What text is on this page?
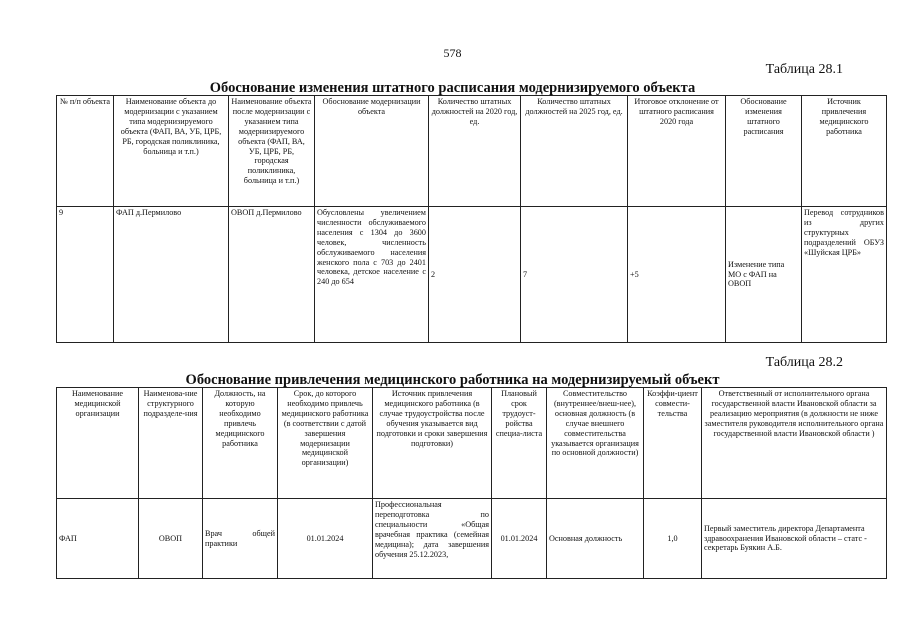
578
Таблица 28.1
Обоснование изменения штатного расписания модернизируемого объекта
№ п/п объекта	Наименование объекта до модернизации с указанием типа модернизируемого объекта (ФАП, ВА, УБ, ЦРБ, РБ, городская поликлиника, больница и т.п.)	Наименование объекта после модернизации с указанием типа модернизируемого объекта (ФАП, ВА, УБ, ЦРБ, РБ, городская поликлиника, больница и т.п.)	Обоснование модернизации объекта	Количество штатных должностей на 2020 год, ед.	Количество штатных должностей на 2025 год, ед.	Итоговое отклонение от штатного расписания 2020 года	Обоснование изменения штатного расписания	Источник привлечения медицинского работника
9	ФАП д.Пермилово	ОВОП д.Пермилово	Обусловлены увеличением численности обслуживаемого населения с 1304 до 3600 человек, численность обслуживаемого населения женского пола с 703 до 2401 человека, детское население с 240 до 654	2	7	+5	Изменение типа МО с ФАП на ОВОП	Перевод сотрудников из других структурных подразделений ОБУЗ «Шуйская ЦРБ»
Таблица 28.2
Обоснование привлечения медицинского работника на модернизируемый объект
Наименование медицинской организации	Наименова-ние структурного подразделе-ния	Должность, на которую необходимо привлечь медицинского работника	Срок, до которого необходимо привлечь медицинского работника (в соответствии с датой завершения модернизации медицинской организации)	Источник привлечения медицинского работника (в случае трудоустройства после обучения указывается вид подготовки и сроки завершения подготовки)	Плановый срок трудоуст-ройства специа-листа	Совместительство (внутреннее/внеш-нее), основная должность (в случае внешнего совместительства указывается организация по основной должности)	Коэффи-циент совмести-тельства	Ответственный от исполнительного органа государственной власти Ивановской области за реализацию мероприятия (в должности не ниже заместителя руководителя исполнительного органа государственной власти Ивановской области )
ФАП	ОВОП	Врач общей практики	01.01.2024	Профессиональная переподготовка по специальности «Общая врачебная практика (семейная медицина); дата завершения обучения 25.12.2023,	01.01.2024	Основная должность	1,0	Первый заместитель директора Департамента здравоохранения Ивановской области – статс - секретарь Буякин А.Б.
